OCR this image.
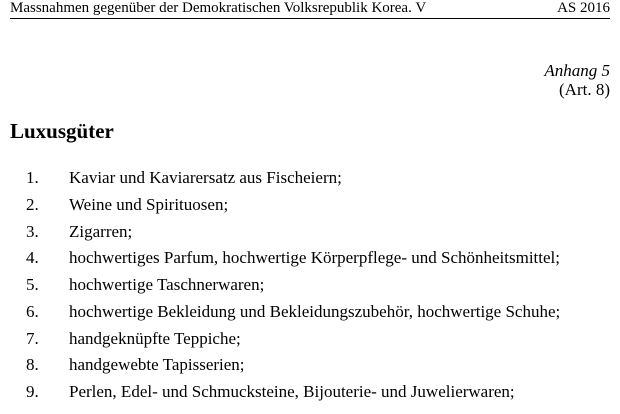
Massnahmen gegenüber der Demokratischen Volksrepublik Korea. V	AS 2016
Anhang 5
(Art. 8)
Luxusgüter
1.	Kaviar und Kaviarersatz aus Fischeiern;
2.	Weine und Spirituosen;
3.	Zigarren;
4.	hochwertiges Parfum, hochwertige Körperpflege- und Schönheitsmittel;
5.	hochwertige Taschnerwaren;
6.	hochwertige Bekleidung und Bekleidungszubehör, hochwertige Schuhe;
7.	handgeknüpfte Teppiche;
8.	handgewebte Tapisserien;
9.	Perlen, Edel- und Schmucksteine, Bijouterie- und Juwelierwaren;
